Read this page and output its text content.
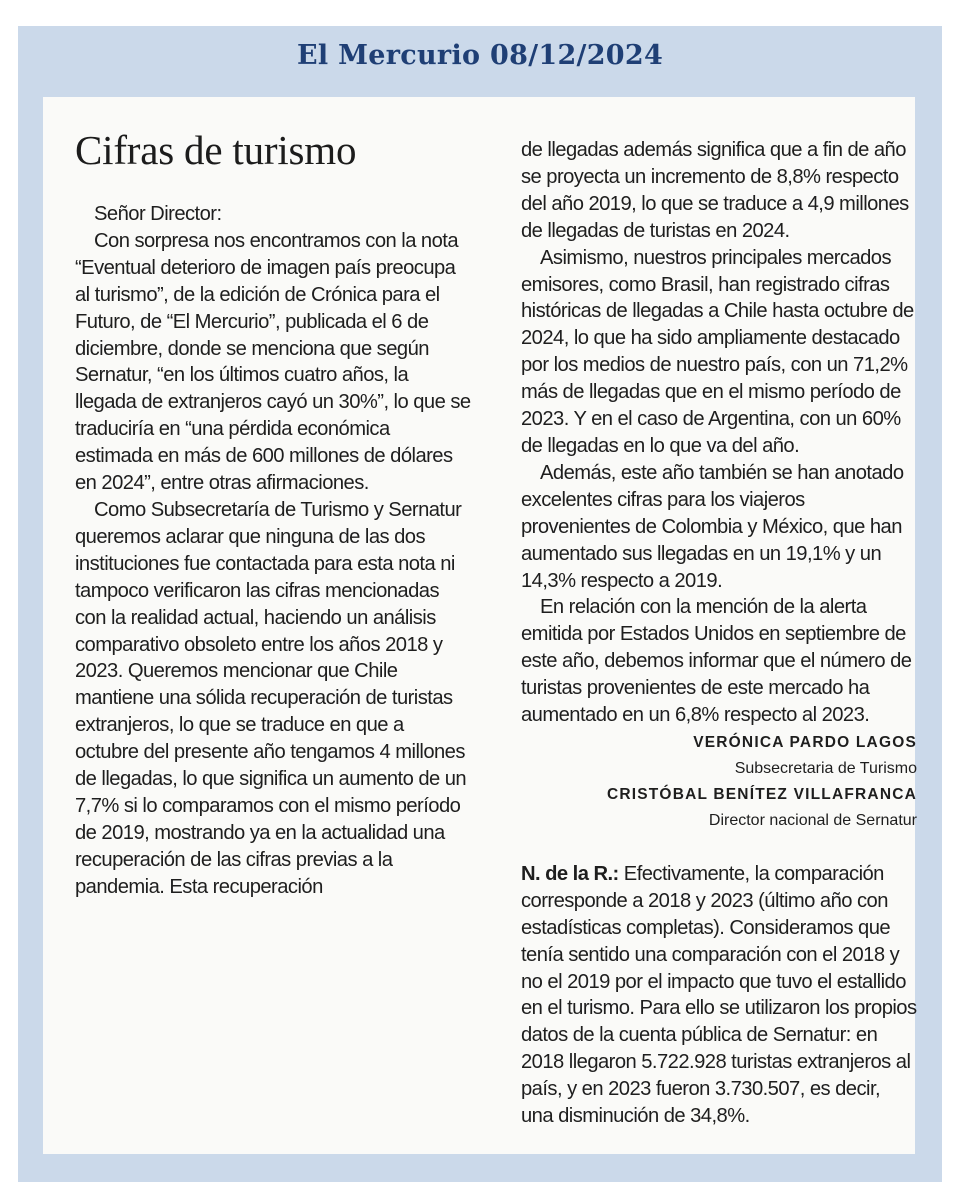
El Mercurio 08/12/2024
Cifras de turismo

Señor Director:

Con sorpresa nos encontramos con la nota “Eventual deterioro de imagen país preocupa al turismo”, de la edición de Crónica para el Futuro, de “El Mercurio”, publicada el 6 de diciembre, donde se menciona que según Sernatur, “en los últimos cuatro años, la llegada de extranjeros cayó un 30%”, lo que se traduciría en “una pérdida económica estimada en más de 600 millones de dólares en 2024”, entre otras afirmaciones.

Como Subsecretaría de Turismo y Sernatur queremos aclarar que ninguna de las dos instituciones fue contactada para esta nota ni tampoco verificaron las cifras mencionadas con la realidad actual, haciendo un análisis comparativo obsoleto entre los años 2018 y 2023. Queremos mencionar que Chile mantiene una sólida recuperación de turistas extranjeros, lo que se traduce en que a octubre del presente año tengamos 4 millones de llegadas, lo que significa un aumento de un 7,7% si lo comparamos con el mismo período de 2019, mostrando ya en la actualidad una recuperación de las cifras previas a la pandemia. Esta recuperación

de llegadas además significa que a fin de año se proyecta un incremento de 8,8% respecto del año 2019, lo que se traduce a 4,9 millones de llegadas de turistas en 2024.

Asimismo, nuestros principales mercados emisores, como Brasil, han registrado cifras históricas de llegadas a Chile hasta octubre de 2024, lo que ha sido ampliamente destacado por los medios de nuestro país, con un 71,2% más de llegadas que en el mismo período de 2023. Y en el caso de Argentina, con un 60% de llegadas en lo que va del año.

Además, este año también se han anotado excelentes cifras para los viajeros provenientes de Colombia y México, que han aumentado sus llegadas en un 19,1% y un 14,3% respecto a 2019.

En relación con la mención de la alerta emitida por Estados Unidos en septiembre de este año, debemos informar que el número de turistas provenientes de este mercado ha aumentado en un 6,8% respecto al 2023.

VERÓNICA PARDO LAGOS

Subsecretaria de Turismo

CRISTÓBAL BENÍTEZ VILLAFRANCA

Director nacional de Sernatur

N. de la R.: Efectivamente, la comparación corresponde a 2018 y 2023 (último año con estadísticas completas). Consideramos que tenía sentido una comparación con el 2018 y no el 2019 por el impacto que tuvo el estallido en el turismo. Para ello se utilizaron los propios datos de la cuenta pública de Sernatur: en 2018 llegaron 5.722.928 turistas extranjeros al país, y en 2023 fueron 3.730.507, es decir, una disminución de 34,8%.
